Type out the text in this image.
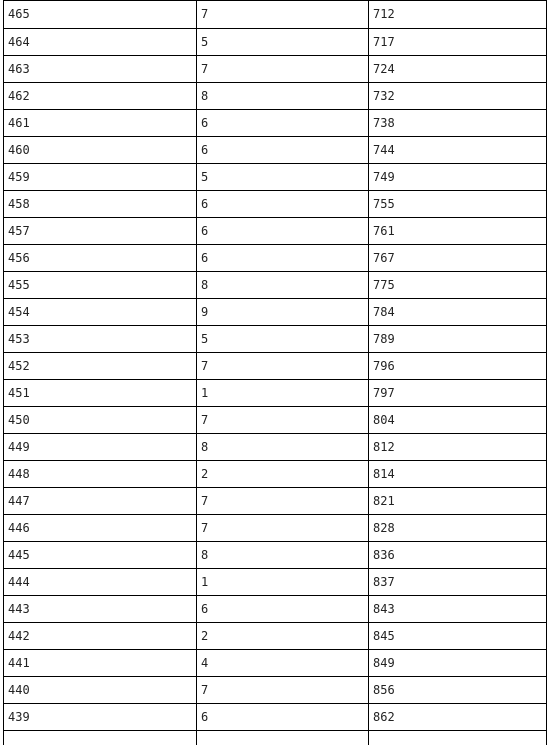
465	7	712
464	5	717
463	7	724
462	8	732
461	6	738
460	6	744
459	5	749
458	6	755
457	6	761
456	6	767
455	8	775
454	9	784
453	5	789
452	7	796
451	1	797
450	7	804
449	8	812
448	2	814
447	7	821
446	7	828
445	8	836
444	1	837
443	6	843
442	2	845
441	4	849
440	7	856
439	6	862
